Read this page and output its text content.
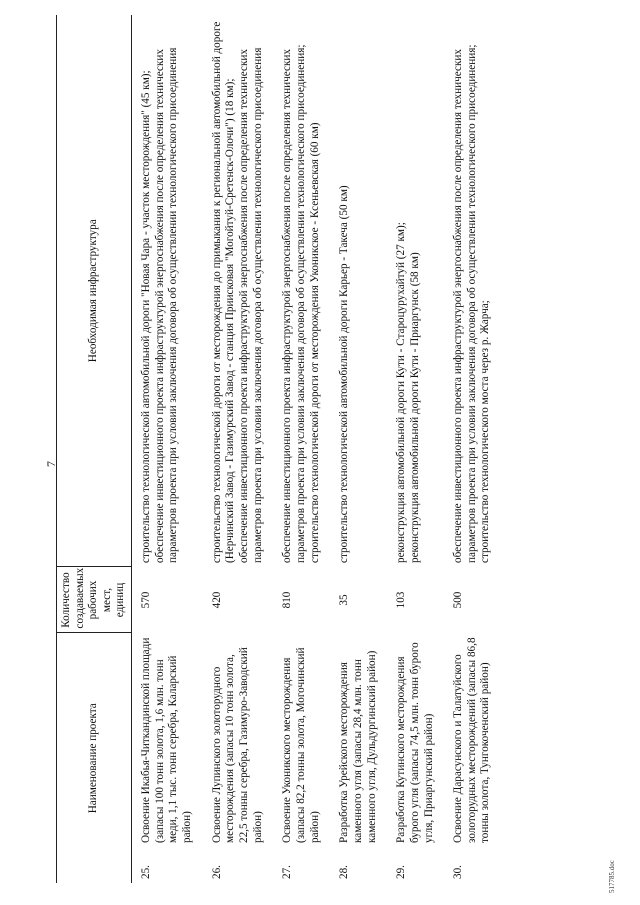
7
Наименование проекта		Количество создаваемых рабочих мест, единиц	Необходимая инфраструктура
25.	Освоение Икабья-Читкандинской площади (запасы 100 тонн золота, 1,6 млн. тонн меди, 1,1 тыс. тонн серебра, Каларский район)	570	строительство технологической автомобильной дороги "Новая Чара - участок месторождения" (45 км); обеспечение инвестиционного проекта инфраструктурой энергоснабжения после определения технических параметров проекта при условии заключения договора об осуществлении технологического присоединения

26.	Освоение Лупинского золоторудного месторождения (запасы 10 тонн золота, 22,5 тонны серебра, Газимуро-Заводский район)	420	строительство технологической дороги от месторождения до примыкания к региональной автомобильной дороге (Нерчинский Завод - Газимурский Завод - станция Приисковая "Могойтуй-Сретенск-Олочи") (18 км); обеспечение инвестиционного проекта инфраструктурой энергоснабжения после определения технических параметров проекта при условии заключения договора об осуществлении технологического присоединения

27.	Освоение Уконикского месторождения (запасы 82,2 тонны золота, Могочинский район)	810	обеспечение инвестиционного проекта инфраструктурой энергоснабжения после определения технических параметров проекта при условии заключения договора об осуществлении технологического присоединения; строительство технологической дороги от месторождения Уконикское - Ксеньевская (60 км)

28.	Разработка Урейского месторождения каменного угля (запасы 28,4 млн. тонн каменного угля, Дульдургинский район)	35	строительство технологической автомобильной дороги Карьер - Такеча (50 км)

29.	Разработка Кутинского месторождения бурого угля (запасы 74,5 млн. тонн бурого угля, Приаргунский район)	103	реконструкция автомобильной дороги Кути - Староцурухайтуй (27 км); реконструкция автомобильной дороги Кути - Приаргунск (58 км)

30.	Освоение Дарасунского и Талатуйского золоторудных месторождений (запасы 86,8 тонны золота, Тунгокоченский район)	500	обеспечение инвестиционного проекта инфраструктурой энергоснабжения после определения технических параметров проекта при условии заключения договора об осуществлении технологического присоединения; строительство технологического моста через р. Жарча;
517785.doc
